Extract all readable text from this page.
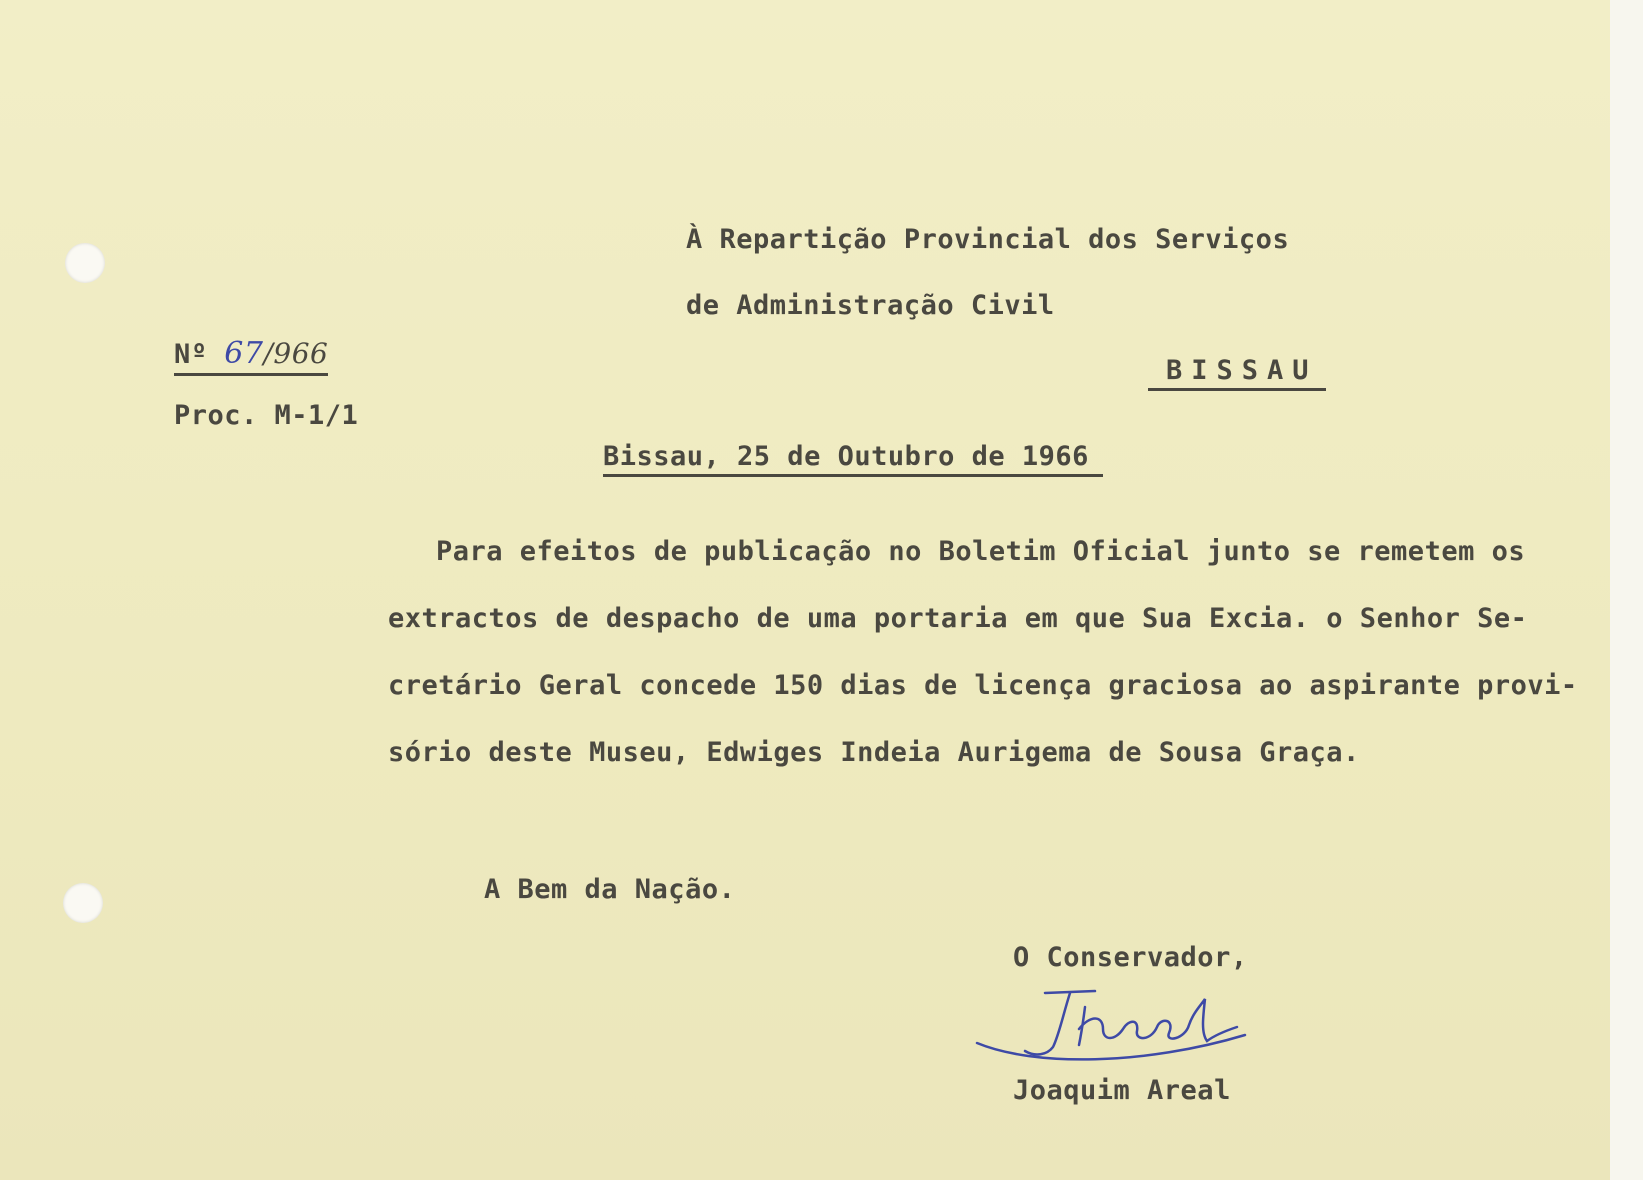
À Repartição Provincial dos Serviços
de Administração Civil
BISSAU
Nº 67/966
Proc. M-1/1
Bissau, 25 de Outubro de 1966
Para efeitos de publicação no Boletim Oficial junto se remetem os
extractos de despacho de uma portaria em que Sua Excia. o Senhor Se-
cretário Geral concede 150 dias de licença graciosa ao aspirante provi-
sório deste Museu, Edwiges Indeia Aurigema de Sousa Graça.
A Bem da Nação.
O Conservador,
Joaquim Areal
